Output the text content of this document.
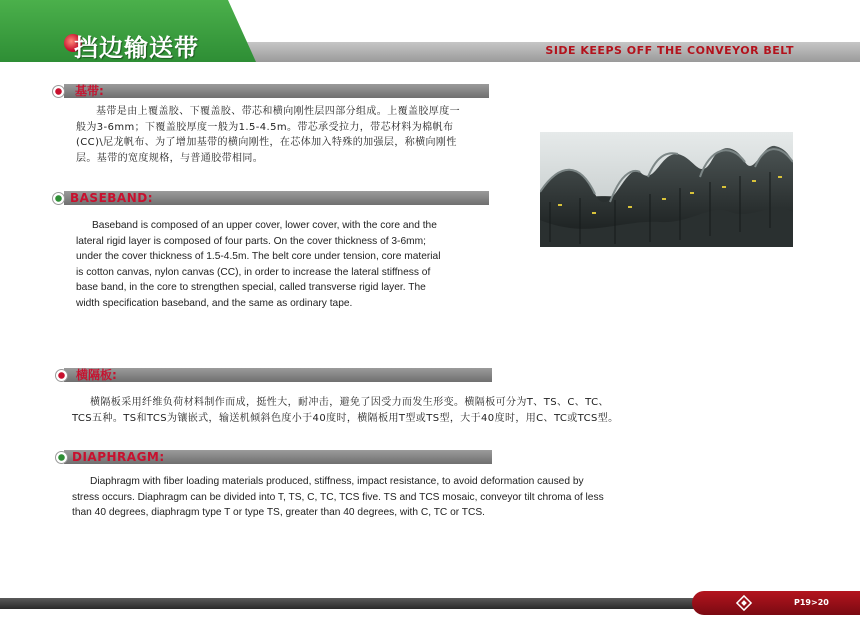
挡边输送带	SIDE KEEPS OFF THE CONVEYOR BELT
基带:
基带是由上覆盖胶、下覆盖胶、带芯和横向刚性层四部分组成。上覆盖胶厚度一
般为3-6mm；下覆盖胶厚度一般为1.5-4.5m。带芯承受拉力，带芯材料为棉帆布
(CC)\尼龙帆布、为了增加基带的横向刚性，在芯体加入特殊的加强层，称横向刚性
层。基带的宽度规格，与普通胶带相同。
BASEBAND:
Baseband is composed of an upper cover, lower cover, with the core and the
lateral rigid layer is composed of four parts. On the cover thickness of 3-6mm;
under the cover thickness of 1.5-4.5m. The belt core under tension, core material
is cotton canvas, nylon canvas (CC), in order to increase the lateral stiffness of
base band, in the core to strengthen special, called transverse rigid layer. The
width specification baseband, and the same as ordinary tape.
横隔板:
横隔板采用纤维负荷材料制作而成，挺性大，耐冲击，避免了因受力而发生形变。横隔板可分为T、TS、C、TC、
TCS五种。TS和TCS为镶嵌式，输送机倾斜色度小于40度时，横隔板用T型或TS型，大于40度时，用C、TC或TCS型。
DIAPHRAGM:
Diaphragm with fiber loading materials produced, stiffness, impact resistance, to avoid deformation caused by
stress occurs. Diaphragm can be divided into T, TS, C, TC, TCS five. TS and TCS mosaic, conveyor tilt chroma of less
than 40 degrees, diaphragm type T or type TS, greater than 40 degrees, with C, TC or TCS.
P19>20
